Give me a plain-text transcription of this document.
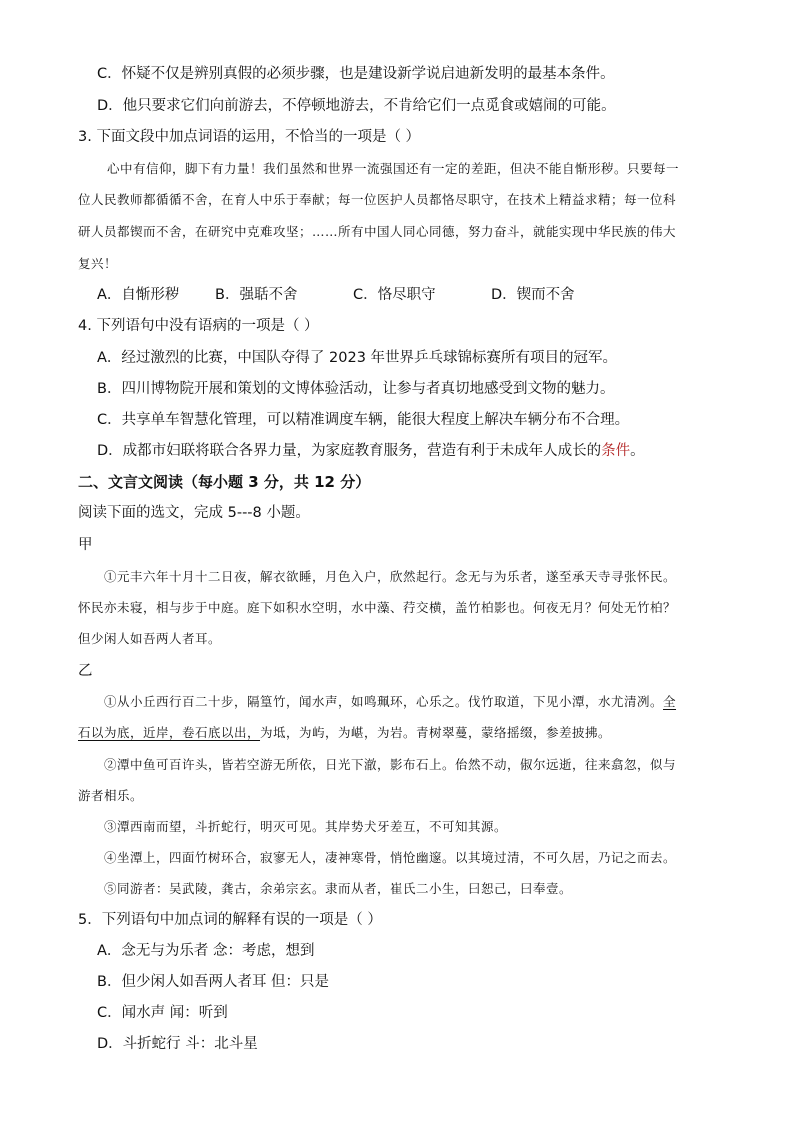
C．怀疑不仅是辨别真假的必须步骤，也是建设新学说启迪新发明的最基本条件。
D．他只要求它们向前游去，不停顿地游去，不肯给它们一点觅食或嬉闹的可能。
3. 下面文段中加点词语的运用，不恰当的一项是（ ）
心中有信仰，脚下有力量！我们虽然和世界一流强国还有一定的差距，但决不能自惭形秽。只要每一
位人民教师都循循不舍，在育人中乐于奉献；每一位医护人员都恪尽职守，在技术上精益求精；每一位科
研人员都锲而不舍，在研究中克难攻坚；……所有中国人同心同德，努力奋斗，就能实现中华民族的伟大
复兴！
A．自惭形秽 B．强聒不舍	C．恪尽职守	D．锲而不舍
4. 下列语句中没有语病的一项是（ ）
A．经过激烈的比赛，中国队夺得了 2023 年世界乒乓球锦标赛所有项目的冠军。
B．四川博物院开展和策划的文博体验活动，让参与者真切地感受到文物的魅力。
C．共享单车智慧化管理，可以精准调度车辆，能很大程度上解决车辆分布不合理。
D．成都市妇联将联合各界力量，为家庭教育服务，营造有利于未成年人成长的条件。
二、文言文阅读（每小题 3 分，共 12 分）
阅读下面的选文，完成 5---8 小题。
甲
①元丰六年十月十二日夜，解衣欲睡，月色入户，欣然起行。念无与为乐者，遂至承天寺寻张怀民。
怀民亦未寝，相与步于中庭。庭下如积水空明，水中藻、荇交横，盖竹柏影也。何夜无月？何处无竹柏？
但少闲人如吾两人者耳。
乙
①从小丘西行百二十步，隔篁竹，闻水声，如鸣珮环，心乐之。伐竹取道，下见小潭，水尤清冽。全
石以为底，近岸，卷石底以出，为坻，为屿，为嵁，为岩。青树翠蔓，蒙络摇缀，参差披拂。
②潭中鱼可百许头，皆若空游无所依，日光下澈，影布石上。佁然不动，俶尔远逝，往来翕忽，似与
游者相乐。
③潭西南而望，斗折蛇行，明灭可见。其岸势犬牙差互，不可知其源。
④坐潭上，四面竹树环合，寂寥无人，凄神寒骨，悄怆幽邃。以其境过清，不可久居，乃记之而去。
⑤同游者：吴武陵，龚古，余弟宗玄。隶而从者，崔氏二小生，曰恕己，曰奉壹。
5．下列语句中加点词的解释有误的一项是（ ）
A．念无与为乐者 念：考虑，想到
B．但少闲人如吾两人者耳 但：只是
C．闻水声 闻：听到
D．斗折蛇行 斗：北斗星
